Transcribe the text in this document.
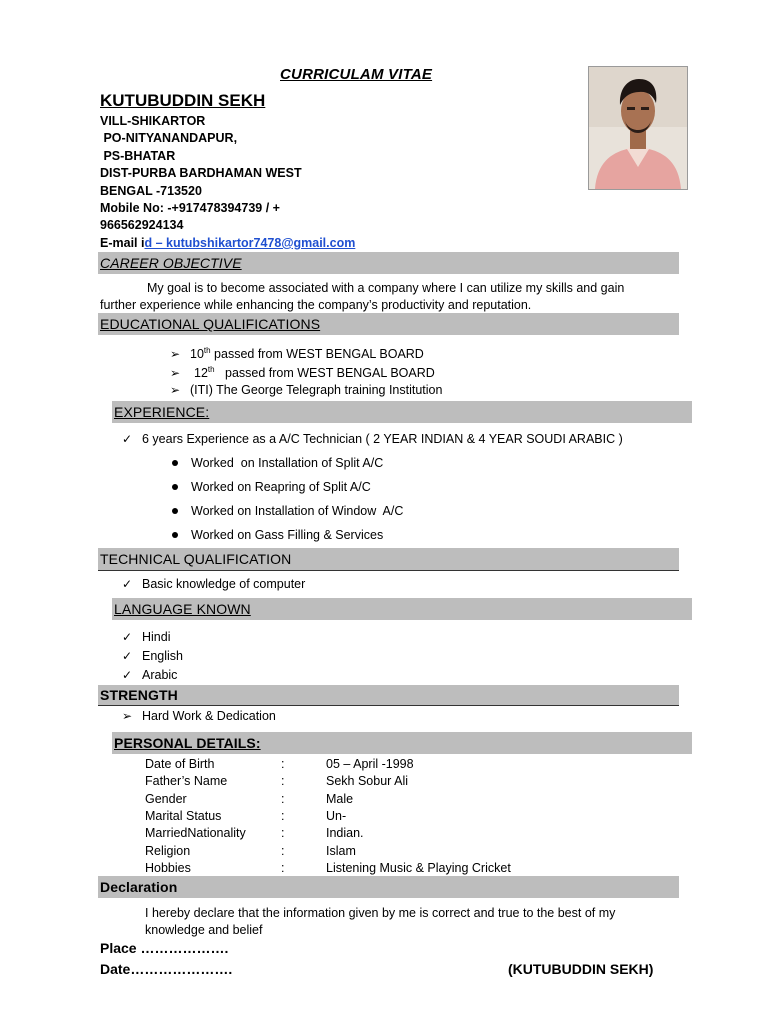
CURRICULAM VITAE
KUTUBUDDIN SEKH
VILL-SHIKARTOR
PO-NITYANANDAPUR,
PS-BHATAR
DIST-PURBA BARDHAMAN WEST
BENGAL -713520
Mobile No: -+917478394739 / +
966562924134
E-mail id – kutubshikartor7478@gmail.com
CAREER OBJECTIVE
My goal is to become associated with a company where I can utilize my skills and gain
further experience while enhancing the company’s productivity and reputation.
EDUCATIONAL QUALIFICATIONS
➢ 10th passed from WEST BENGAL BOARD
➢ 12th   passed from WEST BENGAL BOARD
➢ (ITI) The George Telegraph training Institution
EXPERIENCE:
✓ 6 years Experience as a A/C Technician ( 2 YEAR INDIAN & 4 YEAR SOUDI ARABIC )
Worked  on Installation of Split A/C
Worked on Reapring of Split A/C
Worked on Installation of Window  A/C
Worked on Gass Filling & Services
TECHNICAL QUALIFICATION
✓ Basic knowledge of computer
LANGUAGE KNOWN
✓ Hindi
✓ English
✓ Arabic
STRENGTH
➢ Hard Work & Dedication
PERSONAL DETAILS:
Date of Birth	:	05 – April -1998
Father’s Name	:	Sekh Sobur Ali
Gender	:	Male
Marital Status	:	Un-
MarriedNationality	:	Indian.
Religion	:	Islam
Hobbies	:	Listening Music & Playing Cricket
Declaration
I hereby declare that the information given by me is correct and true to the best of my
knowledge and belief
Place ……………….
Date………………….	(KUTUBUDDIN SEKH)
